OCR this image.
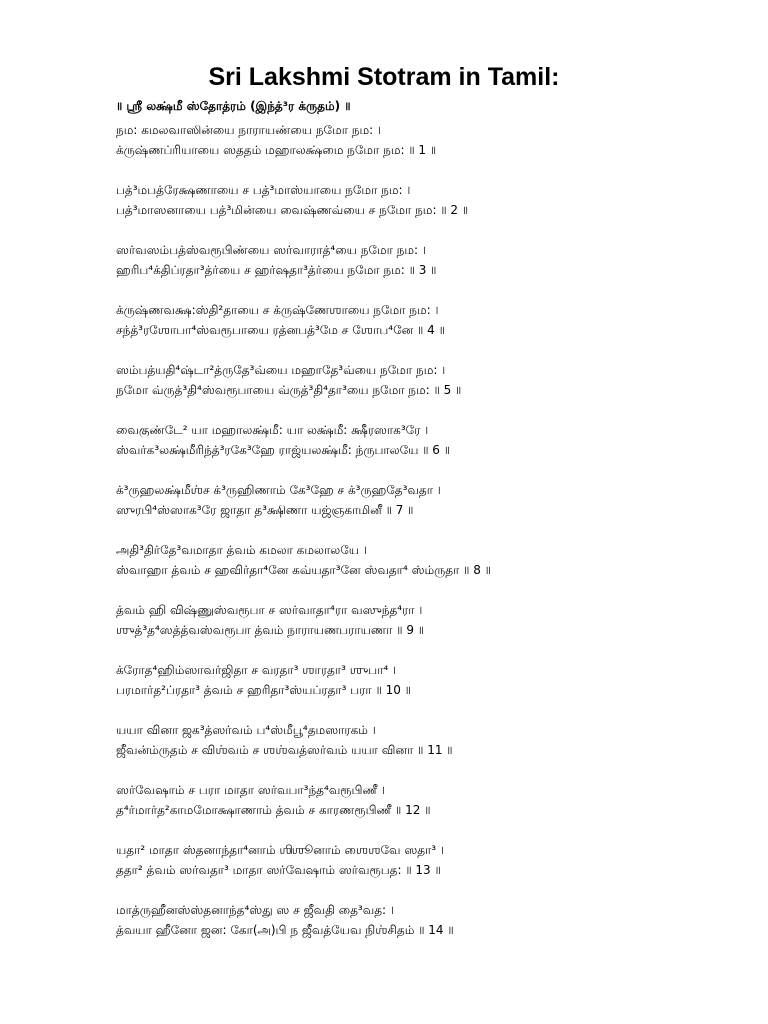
Sri Lakshmi Stotram in Tamil:
॥ ஶ்ரீ லக்ஷ்மீ ஸ்தோத்ரம் (இந்த்³ர க்ருதம்) ॥
நம: கமலவாஸின்யை நாராயண்யை நமோ நம: ।
க்ருஷ்ணப்ரியாயை ஸததம் மஹாலக்ஷ்மை நமோ நம: ॥ 1 ॥
பத்³மபத்ரேக்ஷணாயை ச பத்³மாஸ்யாயை நமோ நம: ।
பத்³மாஸனாயை பத்³மின்யை வைஷ்ணவ்யை ச நமோ நம: ॥ 2 ॥
ஸர்வஸம்பத்ஸ்வரூபிண்யை ஸர்வாராத்⁴யை நமோ நம: ।
ஹரிப⁴க்திப்ரதா³த்ர்யை ச ஹர்ஷதா³த்ர்யை நமோ நம: ॥ 3 ॥
க்ருஷ்ணவக்ஷ:ஸ்தி²தாயை ச க்ருஷ்ணேஶாயை நமோ நம: ।
சந்த்³ரஶோபா⁴ஸ்வரூபாயை ரத்னபத்³மே ச ஶோப⁴னே ॥ 4 ॥
ஸம்பத்யதி⁴ஷ்டா²த்ருதே³வ்யை மஹாதே³வ்யை நமோ நம: ।
நமோ வ்ருத்³தி⁴ஸ்வரூபாயை வ்ருத்³தி⁴தா³யை நமோ நம: ॥ 5 ॥
வைகுண்டே² யா மஹாலக்ஷ்மீ: யா லக்ஷ்மீ: க்ஷீரஸாக³ரே ।
ஸ்வர்க³லக்ஷ்மீரிந்த்³ரகே³ஹே ராஜ்யலக்ஷ்மீ: ந்ருபாலயே ॥ 6 ॥
க்³ருஹலக்ஷ்மீஶ்ச க்³ருஹிணாம் கே³ஹே ச க்³ருஹதே³வதா ।
ஸுரபி⁴ஸ்ஸாக³ரே ஜாதா த³க்ஷிணா யஜ்ஞகாமினீ ॥ 7 ॥
அதி³திர்தே³வமாதா த்வம் கமலா கமலாலயே ।
ஸ்வாஹா த்வம் ச ஹவிர்தா⁴னே கவ்யதா³னே ஸ்வதா⁴ ஸ்ம்ருதா ॥ 8 ॥
த்வம் ஹி விஷ்ணுஸ்வரூபா ச ஸர்வாதா⁴ரா வஸுந்த⁴ரா ।
ஶுத்³த⁴ஸத்த்வஸ்வரூபா த்வம் நாராயணபராயணா ॥ 9 ॥
க்ரோத⁴ஹிம்ஸாவர்ஜிதா ச வரதா³ ஶாரதா³ ஶுபா⁴ ।
பரமார்த²ப்ரதா³ த்வம் ச ஹரிதா³ஸ்யப்ரதா³ பரா ॥ 10 ॥
யயா வினா ஜக³த்ஸர்வம் ப⁴ஸ்மீபூ⁴தமஸாரகம் ।
ஜீவன்ம்ருதம் ச விஶ்வம் ச ஶஶ்வத்ஸர்வம் யயா வினா ॥ 11 ॥
ஸர்வேஷாம் ச பரா மாதா ஸர்வபா³ந்த⁴வரூபிணீ ।
த⁴ர்மார்த²காமமோக்ஷாணாம் த்வம் ச காரணரூபிணீ ॥ 12 ॥
யதா² மாதா ஸ்தனாந்தா⁴னாம் ஶிஶூனாம் ஶைஶவே ஸதா³ ।
ததா² த்வம் ஸர்வதா³ மாதா ஸர்வேஷாம் ஸர்வரூபத: ॥ 13 ॥
மாத்ருஹீனஸ்ஸ்தனாந்த⁴ஸ்து ஸ ச ஜீவதி தை³வத: ।
த்வயா ஹீனோ ஜன: கோ(அ)பி ந ஜீவத்யேவ நிஶ்சிதம் ॥ 14 ॥
